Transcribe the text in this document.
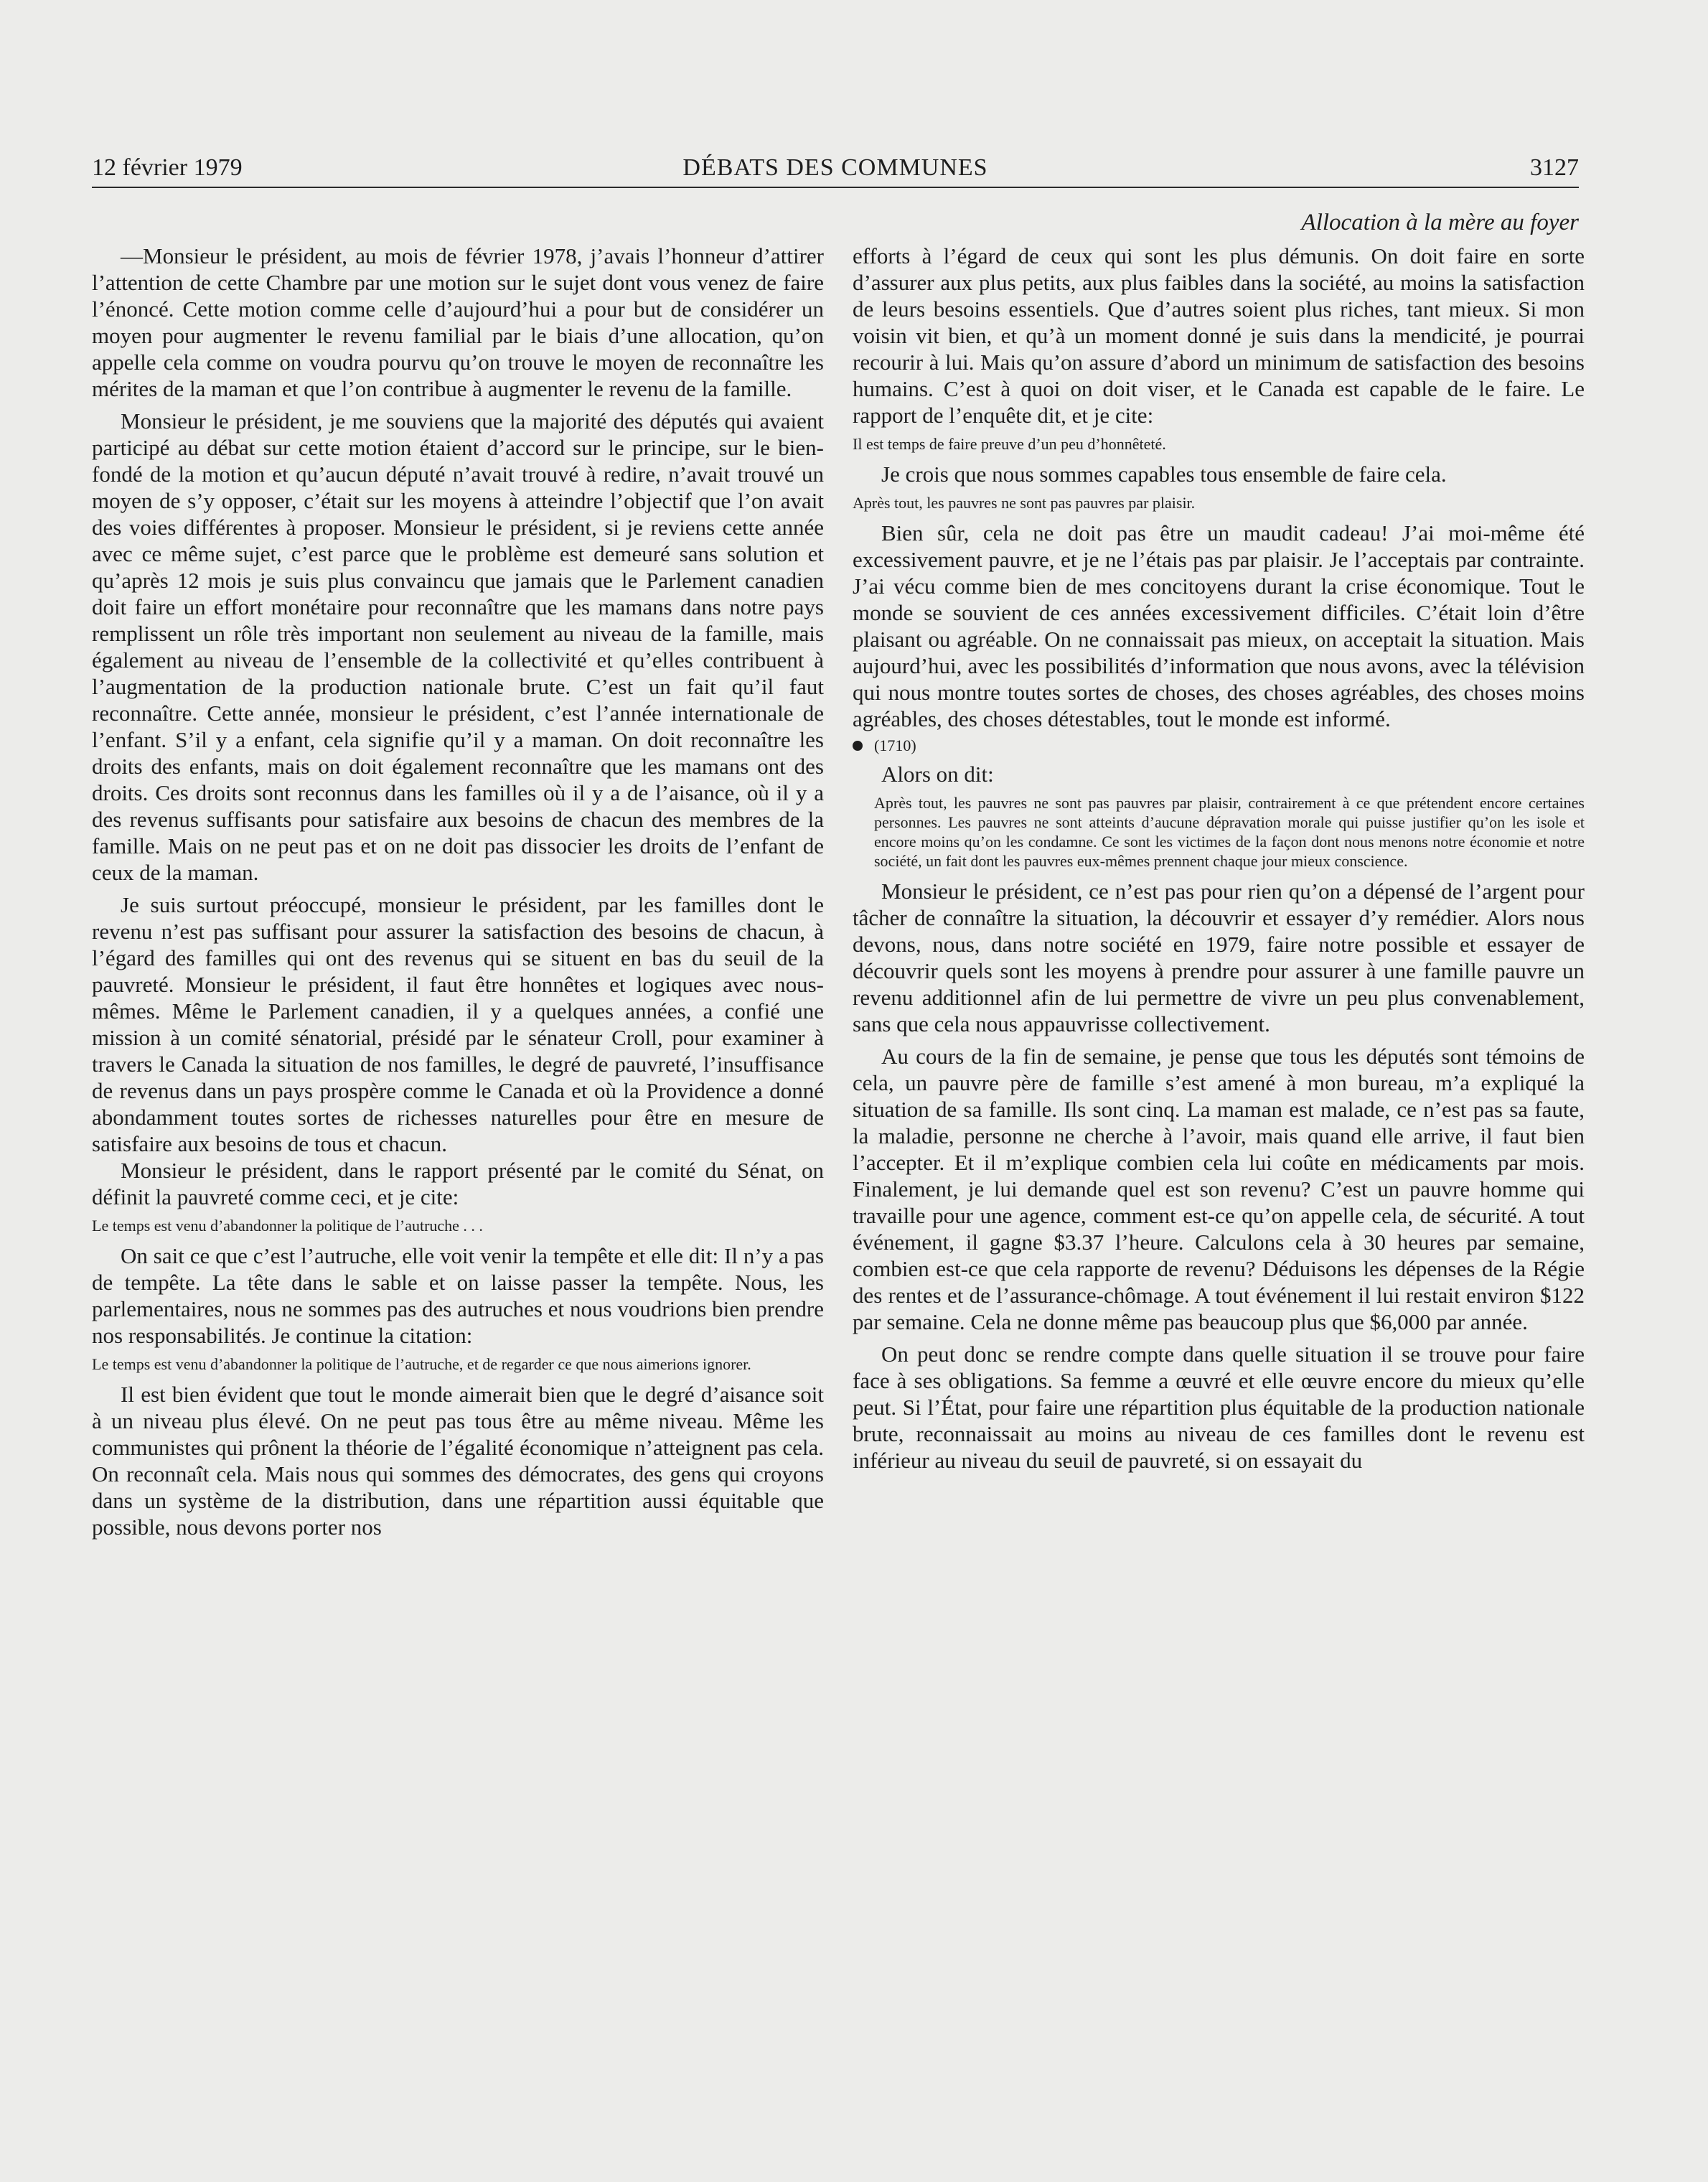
12 février 1979	DÉBATS DES COMMUNES	3127
Allocation à la mère au foyer

—Monsieur le président, au mois de février 1978, j’avais l’honneur d’attirer l’attention de cette Chambre par une motion sur le sujet dont vous venez de faire l’énoncé. Cette motion comme celle d’aujourd’hui a pour but de considérer un moyen pour augmenter le revenu familial par le biais d’une allocation, qu’on appelle cela comme on voudra pourvu qu’on trouve le moyen de reconnaître les mérites de la maman et que l’on contribue à augmenter le revenu de la famille.

Monsieur le président, je me souviens que la majorité des députés qui avaient participé au débat sur cette motion étaient d’accord sur le principe, sur le bien-fondé de la motion et qu’aucun député n’avait trouvé à redire, n’avait trouvé un moyen de s’y opposer, c’était sur les moyens à atteindre l’objectif que l’on avait des voies différentes à proposer. Monsieur le président, si je reviens cette année avec ce même sujet, c’est parce que le problème est demeuré sans solution et qu’après 12 mois je suis plus convaincu que jamais que le Parlement canadien doit faire un effort monétaire pour reconnaître que les mamans dans notre pays remplissent un rôle très important non seulement au niveau de la famille, mais également au niveau de l’ensemble de la collectivité et qu’elles contribuent à l’augmentation de la production nationale brute. C’est un fait qu’il faut reconnaître. Cette année, monsieur le président, c’est l’année internationale de l’enfant. S’il y a enfant, cela signifie qu’il y a maman. On doit reconnaître les droits des enfants, mais on doit également reconnaître que les mamans ont des droits. Ces droits sont reconnus dans les familles où il y a de l’aisance, où il y a des revenus suffisants pour satisfaire aux besoins de chacun des membres de la famille. Mais on ne peut pas et on ne doit pas dissocier les droits de l’enfant de ceux de la maman.

Je suis surtout préoccupé, monsieur le président, par les familles dont le revenu n’est pas suffisant pour assurer la satisfaction des besoins de chacun, à l’égard des familles qui ont des revenus qui se situent en bas du seuil de la pauvreté. Monsieur le président, il faut être honnêtes et logiques avec nous-mêmes. Même le Parlement canadien, il y a quelques années, a confié une mission à un comité sénatorial, présidé par le sénateur Croll, pour examiner à travers le Canada la situation de nos familles, le degré de pauvreté, l’insuffisance de revenus dans un pays prospère comme le Canada et où la Providence a donné abondamment toutes sortes de richesses naturelles pour être en mesure de satisfaire aux besoins de tous et chacun.

Monsieur le président, dans le rapport présenté par le comité du Sénat, on définit la pauvreté comme ceci, et je cite:

Le temps est venu d’abandonner la politique de l’autruche . . .

On sait ce que c’est l’autruche, elle voit venir la tempête et elle dit: Il n’y a pas de tempête. La tête dans le sable et on laisse passer la tempête. Nous, les parlementaires, nous ne sommes pas des autruches et nous voudrions bien prendre nos responsabilités. Je continue la citation:

Le temps est venu d’abandonner la politique de l’autruche, et de regarder ce que nous aimerions ignorer.

Il est bien évident que tout le monde aimerait bien que le degré d’aisance soit à un niveau plus élevé. On ne peut pas tous être au même niveau. Même les communistes qui prônent la théorie de l’égalité économique n’atteignent pas cela. On reconnaît cela. Mais nous qui sommes des démocrates, des gens qui croyons dans un système de la distribution, dans une répartition aussi équitable que possible, nous devons porter nos

efforts à l’égard de ceux qui sont les plus démunis. On doit faire en sorte d’assurer aux plus petits, aux plus faibles dans la société, au moins la satisfaction de leurs besoins essentiels. Que d’autres soient plus riches, tant mieux. Si mon voisin vit bien, et qu’à un moment donné je suis dans la mendicité, je pourrai recourir à lui. Mais qu’on assure d’abord un minimum de satisfaction des besoins humains. C’est à quoi on doit viser, et le Canada est capable de le faire. Le rapport de l’enquête dit, et je cite:

Il est temps de faire preuve d’un peu d’honnêteté.

Je crois que nous sommes capables tous ensemble de faire cela.

Après tout, les pauvres ne sont pas pauvres par plaisir.

Bien sûr, cela ne doit pas être un maudit cadeau! J’ai moi-même été excessivement pauvre, et je ne l’étais pas par plaisir. Je l’acceptais par contrainte. J’ai vécu comme bien de mes concitoyens durant la crise économique. Tout le monde se souvient de ces années excessivement difficiles. C’était loin d’être plaisant ou agréable. On ne connaissait pas mieux, on acceptait la situation. Mais aujourd’hui, avec les possibilités d’information que nous avons, avec la télévision qui nous montre toutes sortes de choses, des choses agréables, des choses moins agréables, des choses détestables, tout le monde est informé.

(1710)

Alors on dit:

Après tout, les pauvres ne sont pas pauvres par plaisir, contrairement à ce que prétendent encore certaines personnes. Les pauvres ne sont atteints d’aucune dépravation morale qui puisse justifier qu’on les isole et encore moins qu’on les condamne. Ce sont les victimes de la façon dont nous menons notre économie et notre société, un fait dont les pauvres eux-mêmes prennent chaque jour mieux conscience.

Monsieur le président, ce n’est pas pour rien qu’on a dépensé de l’argent pour tâcher de connaître la situation, la découvrir et essayer d’y remédier. Alors nous devons, nous, dans notre société en 1979, faire notre possible et essayer de découvrir quels sont les moyens à prendre pour assurer à une famille pauvre un revenu additionnel afin de lui permettre de vivre un peu plus convenablement, sans que cela nous appauvrisse collectivement.

Au cours de la fin de semaine, je pense que tous les députés sont témoins de cela, un pauvre père de famille s’est amené à mon bureau, m’a expliqué la situation de sa famille. Ils sont cinq. La maman est malade, ce n’est pas sa faute, la maladie, personne ne cherche à l’avoir, mais quand elle arrive, il faut bien l’accepter. Et il m’explique combien cela lui coûte en médicaments par mois. Finalement, je lui demande quel est son revenu? C’est un pauvre homme qui travaille pour une agence, comment est-ce qu’on appelle cela, de sécurité. A tout événement, il gagne $3.37 l’heure. Calculons cela à 30 heures par semaine, combien est-ce que cela rapporte de revenu? Déduisons les dépenses de la Régie des rentes et de l’assurance-chômage. A tout événement il lui restait environ $122 par semaine. Cela ne donne même pas beaucoup plus que $6,000 par année.

On peut donc se rendre compte dans quelle situation il se trouve pour faire face à ses obligations. Sa femme a œuvré et elle œuvre encore du mieux qu’elle peut. Si l’État, pour faire une répartition plus équitable de la production nationale brute, reconnaissait au moins au niveau de ces familles dont le revenu est inférieur au niveau du seuil de pauvreté, si on essayait du
